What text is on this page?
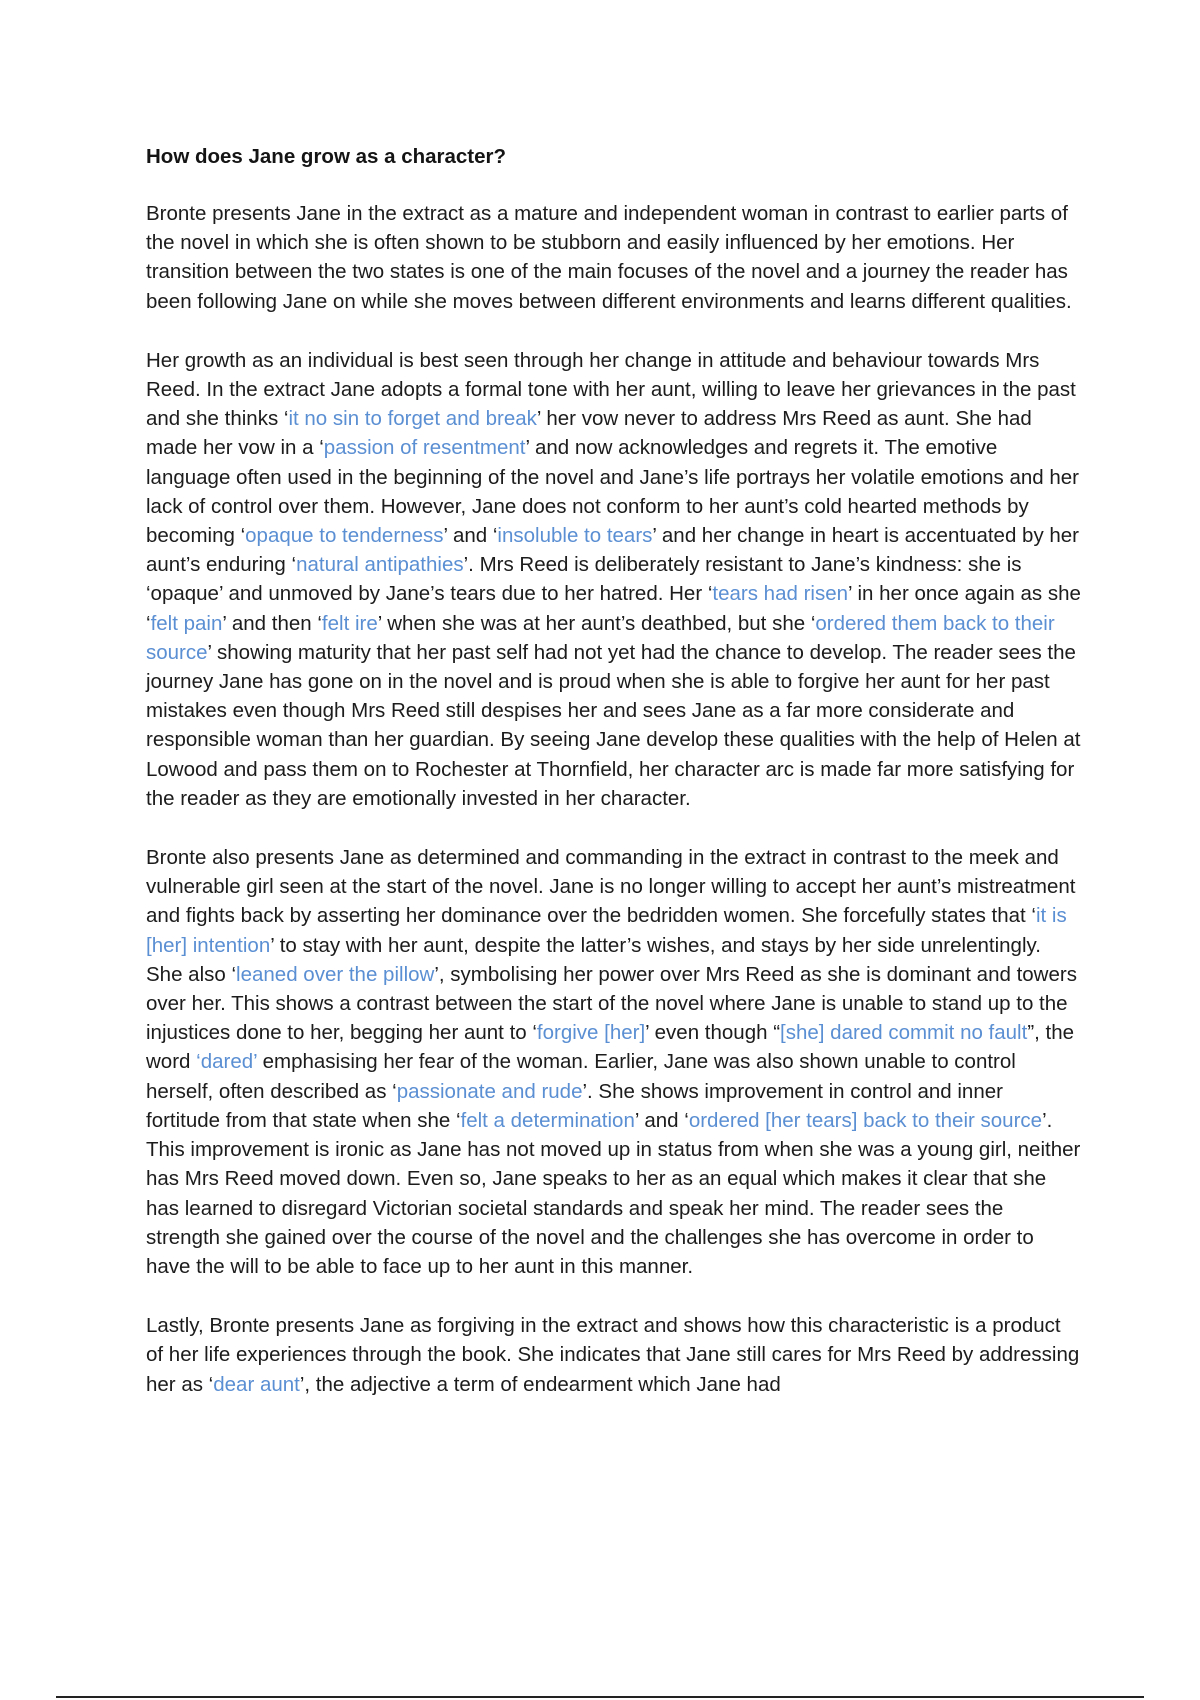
How does Jane grow as a character?

Bronte presents Jane in the extract as a mature and independent woman in contrast to earlier parts of the novel in which she is often shown to be stubborn and easily influenced by her emotions. Her transition between the two states is one of the main focuses of the novel and a journey the reader has been following Jane on while she moves between different environments and learns different qualities.

Her growth as an individual is best seen through her change in attitude and behaviour towards Mrs Reed. In the extract Jane adopts a formal tone with her aunt, willing to leave her grievances in the past and she thinks ‘it no sin to forget and break’ her vow never to address Mrs Reed as aunt. She had made her vow in a ‘passion of resentment’ and now acknowledges and regrets it. The emotive language often used in the beginning of the novel and Jane’s life portrays her volatile emotions and her lack of control over them. However, Jane does not conform to her aunt’s cold hearted methods by becoming ‘opaque to tenderness’ and ‘insoluble to tears’ and her change in heart is accentuated by her aunt’s enduring ‘natural antipathies’. Mrs Reed is deliberately resistant to Jane’s kindness: she is ‘opaque’ and unmoved by Jane’s tears due to her hatred. Her ‘tears had risen’ in her once again as she ‘felt pain’ and then ‘felt ire’ when she was at her aunt’s deathbed, but she ‘ordered them back to their source’ showing maturity that her past self had not yet had the chance to develop. The reader sees the journey Jane has gone on in the novel and is proud when she is able to forgive her aunt for her past mistakes even though Mrs Reed still despises her and sees Jane as a far more considerate and responsible woman than her guardian. By seeing Jane develop these qualities with the help of Helen at Lowood and pass them on to Rochester at Thornfield, her character arc is made far more satisfying for the reader as they are emotionally invested in her character.

Bronte also presents Jane as determined and commanding in the extract in contrast to the meek and vulnerable girl seen at the start of the novel. Jane is no longer willing to accept her aunt’s mistreatment and fights back by asserting her dominance over the bedridden women. She forcefully states that ‘it is [her] intention’ to stay with her aunt, despite the latter’s wishes, and stays by her side unrelentingly. She also ‘leaned over the pillow’, symbolising her power over Mrs Reed as she is dominant and towers over her. This shows a contrast between the start of the novel where Jane is unable to stand up to the injustices done to her, begging her aunt to ‘forgive [her]’ even though “[she] dared commit no fault”, the word ‘dared’ emphasising her fear of the woman. Earlier, Jane was also shown unable to control herself, often described as ‘passionate and rude’. She shows improvement in control and inner fortitude from that state when she ‘felt a determination’ and ‘ordered [her tears] back to their source’. This improvement is ironic as Jane has not moved up in status from when she was a young girl, neither has Mrs Reed moved down. Even so, Jane speaks to her as an equal which makes it clear that she has learned to disregard Victorian societal standards and speak her mind. The reader sees the strength she gained over the course of the novel and the challenges she has overcome in order to have the will to be able to face up to her aunt in this manner.

Lastly, Bronte presents Jane as forgiving in the extract and shows how this characteristic is a product of her life experiences through the book. She indicates that Jane still cares for Mrs Reed by addressing her as ‘dear aunt’, the adjective a term of endearment which Jane had
